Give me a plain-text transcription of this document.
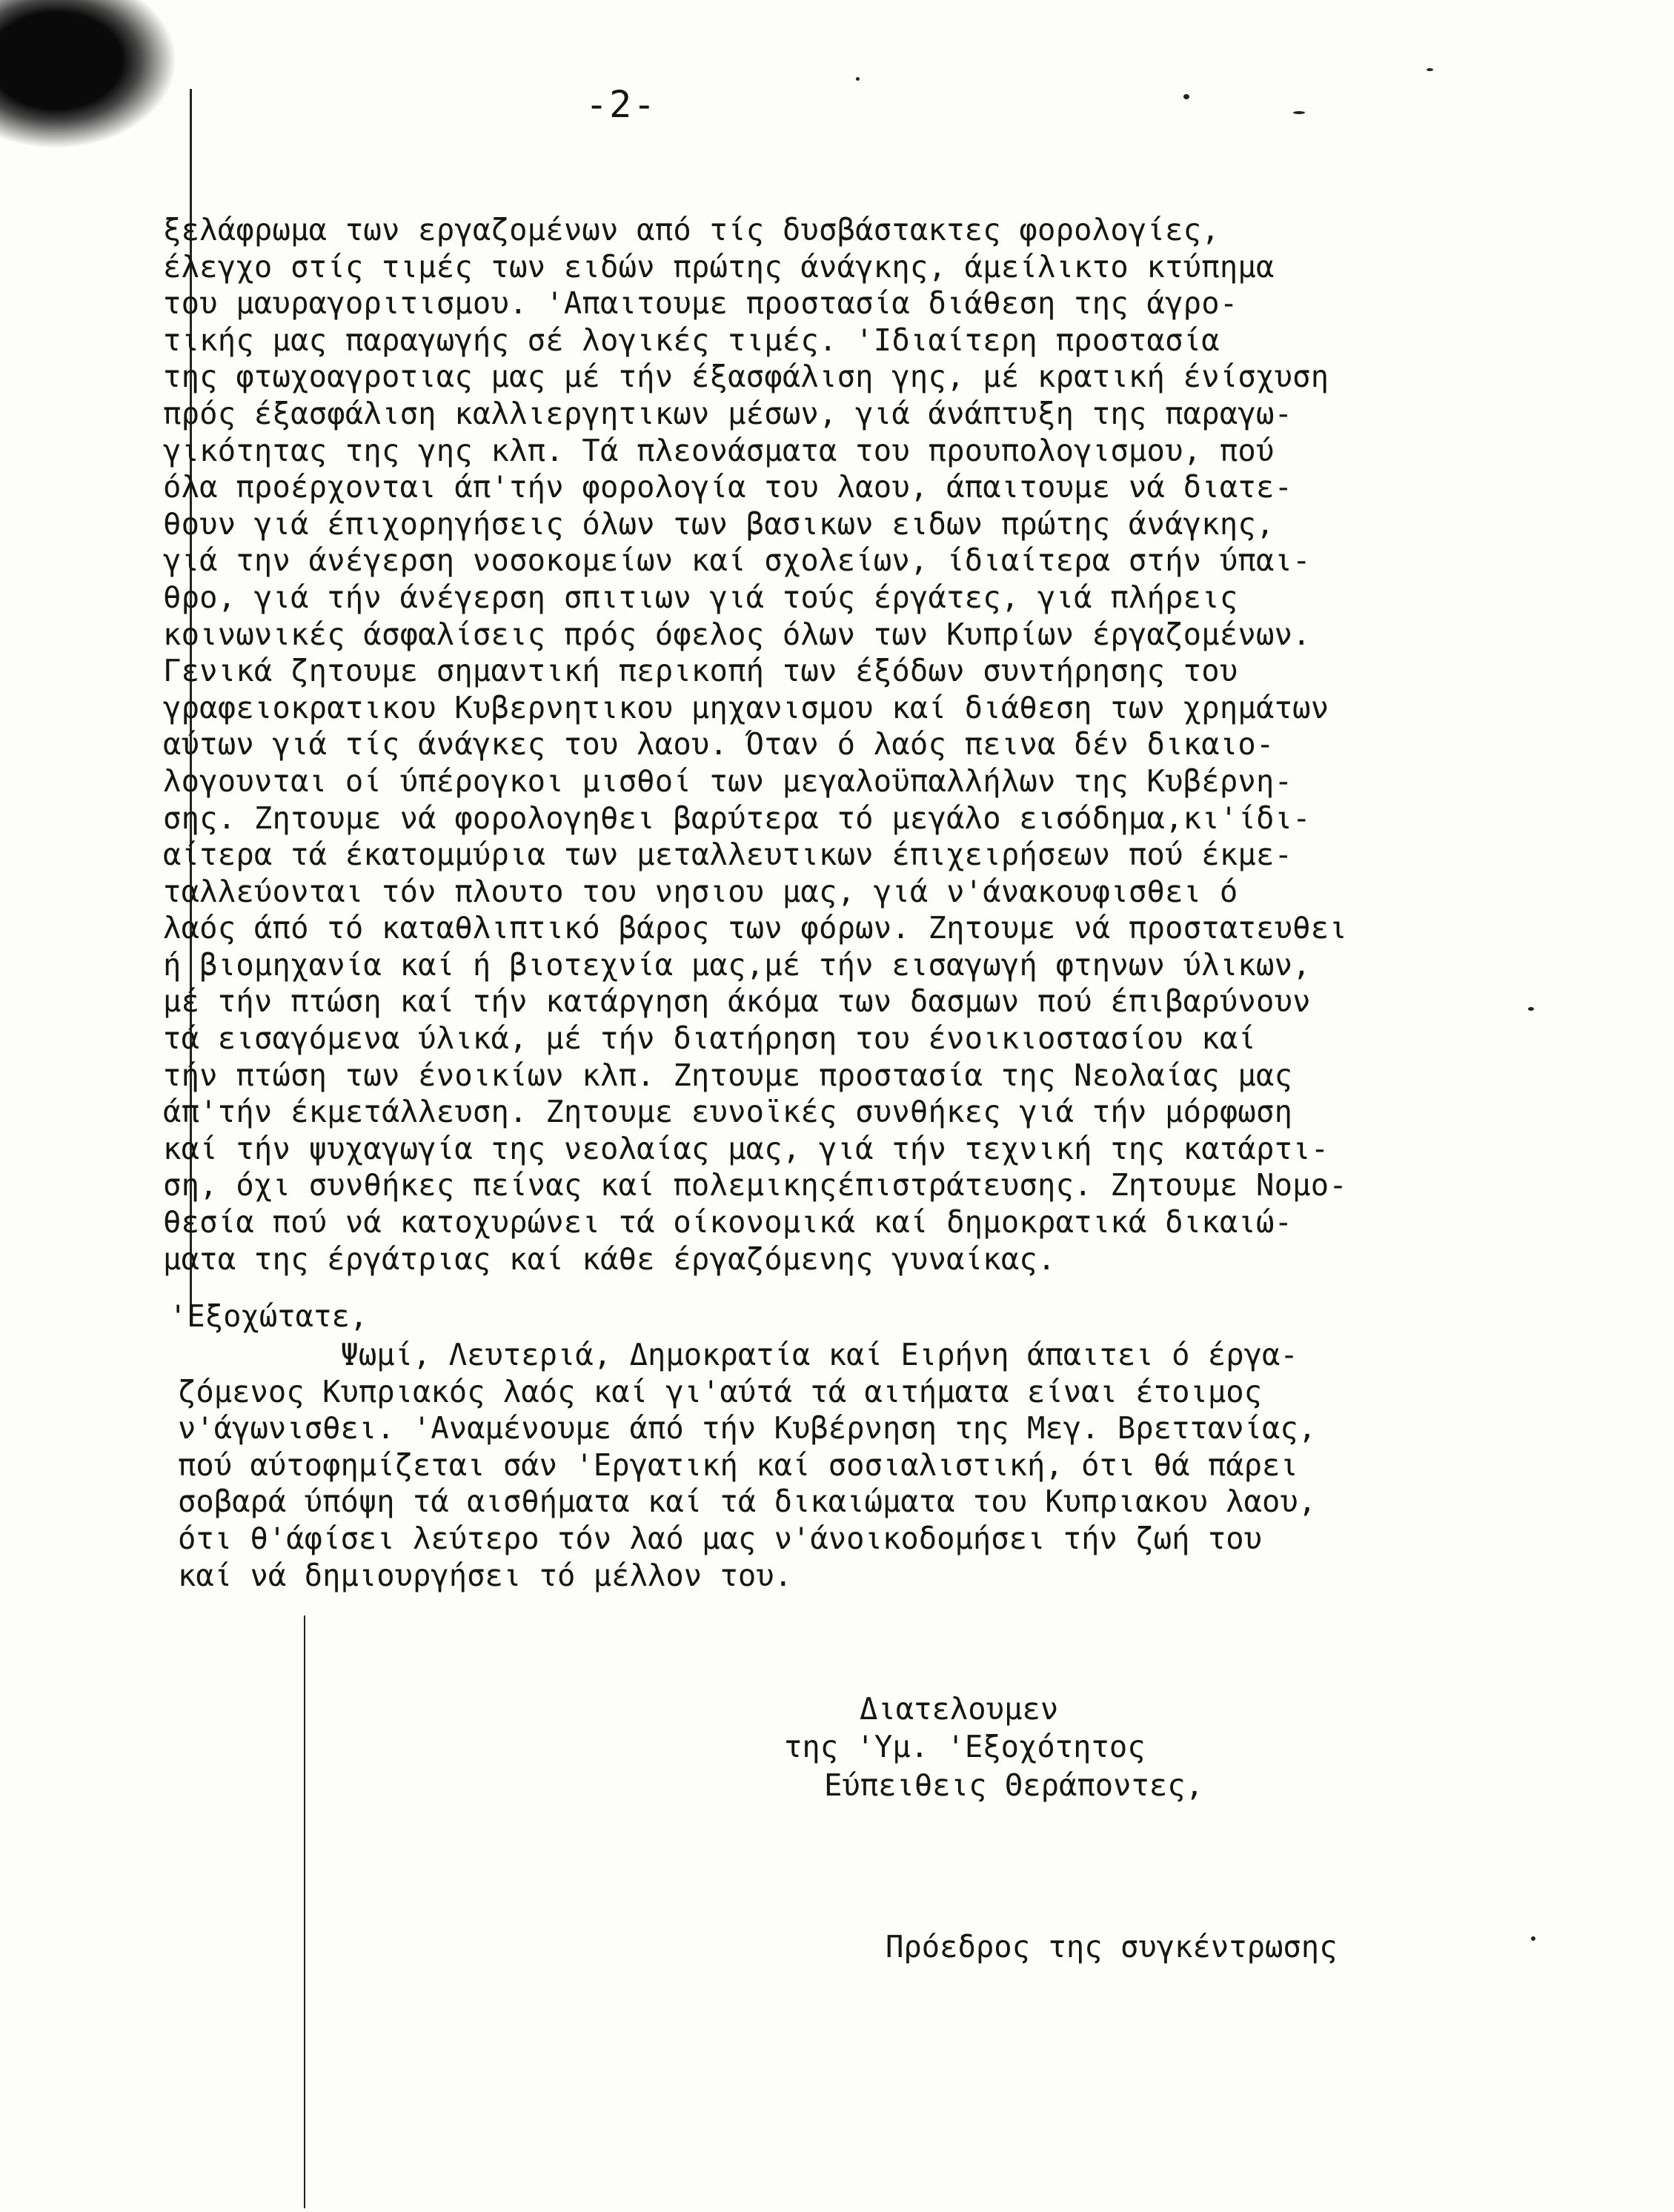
-2-
ξελάφρωμα των εργαζομένων από τίς δυσβάστακτες φορολογίες,
έλεγχο στίς τιμές των ειδών πρώτης άνάγκης, άμείλικτο κτύπημα
του μαυραγοριτισμου. 'Απαιτουμε προστασία διάθεση της άγρο-
τικής μας παραγωγής σέ λογικές τιμές. 'Ιδιαίτερη προστασία
της φτωχοαγροτιας μας μέ τήν έξασφάλιση γης, μέ κρατική ένίσχυση
πρός έξασφάλιση καλλιεργητικων μέσων, γιά άνάπτυξη της παραγω-
γικότητας της γης κλπ. Τά πλεονάσματα του προυπολογισμου, πού
όλα προέρχονται άπ'τήν φορολογία του λαου, άπαιτουμε νά διατε-
θουν γιά έπιχορηγήσεις όλων των βασικων ειδων πρώτης άνάγκης,
γιά την άνέγερση νοσοκομείων καί σχολείων, ίδιαίτερα στήν ύπαι-
θρο, γιά τήν άνέγερση σπιτιων γιά τούς έργάτες, γιά πλήρεις
κοινωνικές άσφαλίσεις πρός όφελος όλων των Κυπρίων έργαζομένων.
Γενικά ζητουμε σημαντική περικοπή των έξόδων συντήρησης του
γραφειοκρατικου Κυβερνητικου μηχανισμου καί διάθεση των χρημάτων
αύτων γιά τίς άνάγκες του λαου. Όταν ό λαός πεινα δέν δικαιο-
λογουνται οί ύπέρογκοι μισθοί των μεγαλοϋπαλλήλων της Κυβέρνη-
σης. Ζητουμε νά φορολογηθει βαρύτερα τό μεγάλο εισόδημα,κι'ίδι-
αίτερα τά έκατομμύρια των μεταλλευτικων έπιχειρήσεων πού έκμε-
ταλλεύονται τόν πλουτο του νησιου μας, γιά ν'άνακουφισθει ό
λαός άπό τό καταθλιπτικό βάρος των φόρων. Ζητουμε νά προστατευθει
ή βιομηχανία καί ή βιοτεχνία μας,μέ τήν εισαγωγή φτηνων ύλικων,
μέ τήν πτώση καί τήν κατάργηση άκόμα των δασμων πού έπιβαρύνουν
τά εισαγόμενα ύλικά, μέ τήν διατήρηση του ένοικιοστασίου καί
τήν πτώση των ένοικίων κλπ. Ζητουμε προστασία της Νεολαίας μας
άπ'τήν έκμετάλλευση. Ζητουμε ευνοϊκές συνθήκες γιά τήν μόρφωση
καί τήν ψυχαγωγία της νεολαίας μας, γιά τήν τεχνική της κατάρτι-
ση, όχι συνθήκες πείνας καί πολεμικηςέπιστράτευσης. Ζητουμε Νομο-
θεσία πού νά κατοχυρώνει τά οίκονομικά καί δημοκρατικά δικαιώ-
ματα της έργάτριας καί κάθε έργαζόμενης γυναίκας.
'Εξοχώτατε,
Ψωμί, Λευτεριά, Δημοκρατία καί Ειρήνη άπαιτει ό έργα-
ζόμενος Κυπριακός λαός καί γι'αύτά τά αιτήματα είναι έτοιμος
ν'άγωνισθει. 'Αναμένουμε άπό τήν Κυβέρνηση της Μεγ. Βρεττανίας,
πού αύτοφημίζεται σάν 'Εργατική καί σοσιαλιστική, ότι θά πάρει
σοβαρά ύπόψη τά αισθήματα καί τά δικαιώματα του Κυπριακου λαου,
ότι θ'άφίσει λεύτερο τόν λαό μας ν'άνοικοδομήσει τήν ζωή του
καί νά δημιουργήσει τό μέλλον του.
Διατελουμεν
της 'Υμ. 'Εξοχότητος
Εύπειθεις Θεράποντες,
Πρόεδρος της συγκέντρωσης
